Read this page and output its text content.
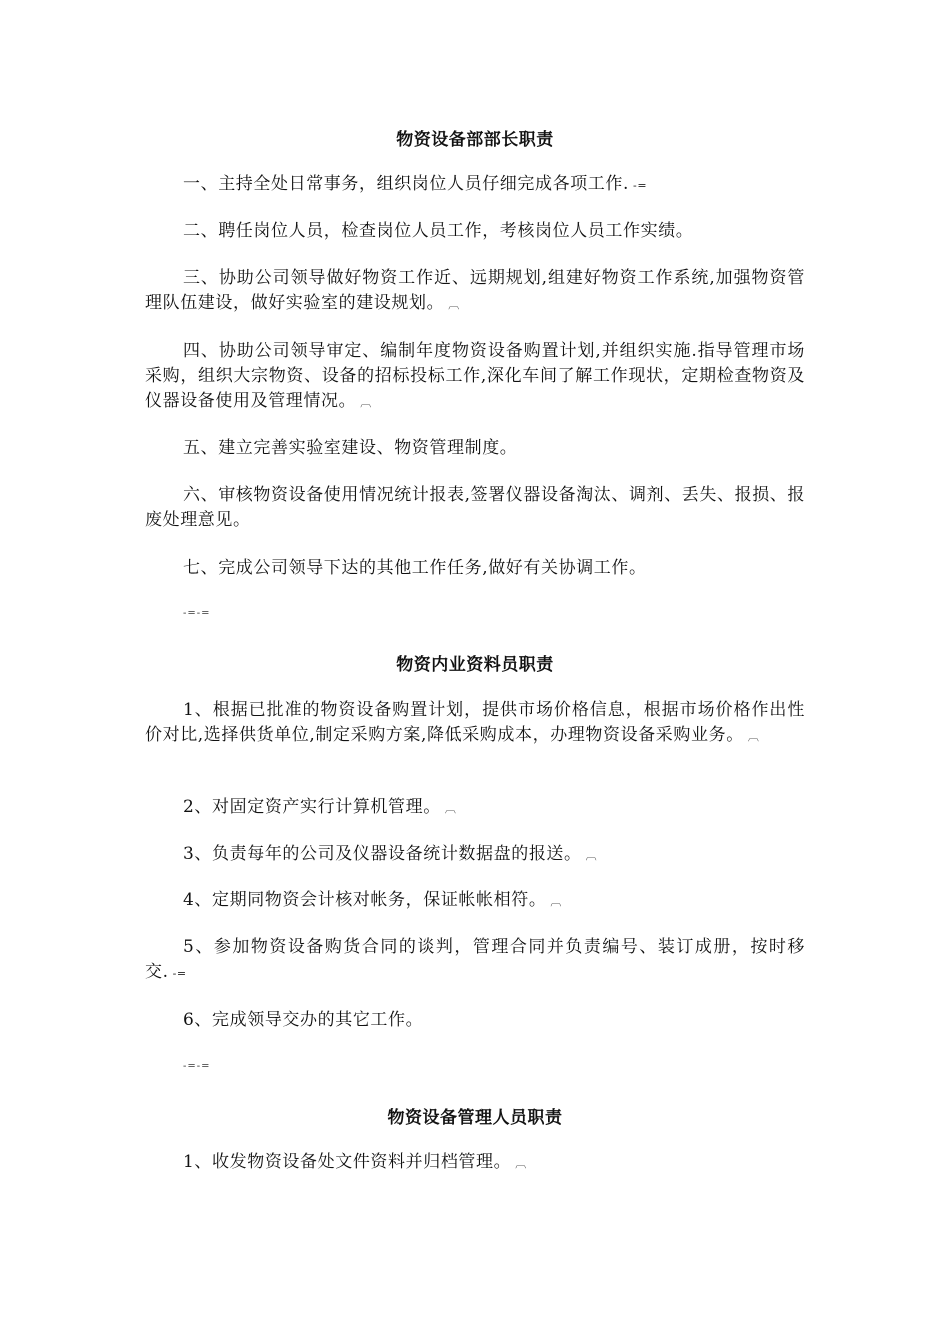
物资设备部部长职责
一、主持全处日常事务，组织岗位人员仔细完成各项工作. -=
二、聘任岗位人员，检查岗位人员工作，考核岗位人员工作实绩。
三、协助公司领导做好物资工作近、远期规划,组建好物资工作系统,加强物资管理队伍建设，做好实验室的建设规划。 ︹
四、协助公司领导审定、编制年度物资设备购置计划,并组织实施.指导管理市场采购，组织大宗物资、设备的招标投标工作,深化车间了解工作现状，定期检查物资及仪器设备使用及管理情况。 ︹
五、建立完善实验室建设、物资管理制度。
六、审核物资设备使用情况统计报表,签署仪器设备淘汰、调剂、丢失、报损、报废处理意见。
七、完成公司领导下达的其他工作任务,做好有关协调工作。
-=-=
物资内业资料员职责
1、根据已批准的物资设备购置计划，提供市场价格信息，根据市场价格作出性价对比,选择供货单位,制定采购方案,降低采购成本，办理物资设备采购业务。 ︹
2、对固定资产实行计算机管理。 ︹
3、负责每年的公司及仪器设备统计数据盘的报送。 ︹
4、定期同物资会计核对帐务，保证帐帐相符。 ︹
5、参加物资设备购货合同的谈判，管理合同并负责编号、装订成册，按时移交. -=
6、完成领导交办的其它工作。
-=-=
物资设备管理人员职责
1、收发物资设备处文件资料并归档管理。 ︹
